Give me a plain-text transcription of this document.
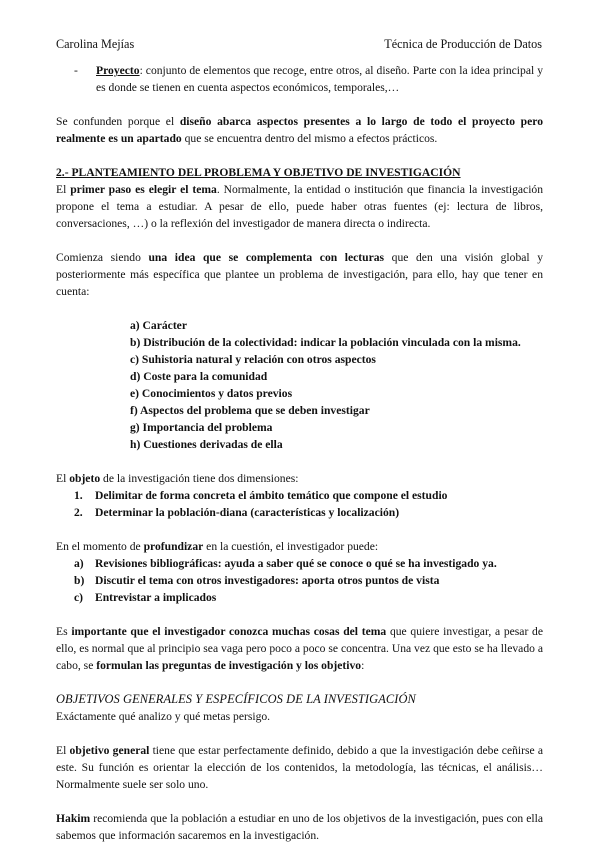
Carolina Mejías	Técnica de Producción de Datos
-	Proyecto: conjunto de elementos que recoge, entre otros, al diseño. Parte con la idea principal y es donde se tienen en cuenta aspectos económicos, temporales,…

Se confunden porque el diseño abarca aspectos presentes a lo largo de todo el proyecto pero realmente es un apartado que se encuentra dentro del mismo a efectos prácticos.

2.- PLANTEAMIENTO DEL PROBLEMA Y OBJETIVO DE INVESTIGACIÓN

El primer paso es elegir el tema. Normalmente, la entidad o institución que financia la investigación propone el tema a estudiar. A pesar de ello, puede haber otras fuentes (ej: lectura de libros, conversaciones, …) o la reflexión del investigador de manera directa o indirecta.

Comienza siendo una idea que se complementa con lecturas que den una visión global y posteriormente más específica que plantee un problema de investigación, para ello, hay que tener en cuenta:

a) Carácter
b) Distribución de la colectividad: indicar la población vinculada con la misma.
c) Suhistoria natural y relación con otros aspectos
d) Coste para la comunidad
e) Conocimientos y datos previos
f) Aspectos del problema que se deben investigar
g) Importancia del problema
h) Cuestiones derivadas de ella

El objeto de la investigación tiene dos dimensiones:

1.	Delimitar de forma concreta el ámbito temático que compone el estudio
2.	Determinar la población-diana (características y localización)

En el momento de profundizar en la cuestión, el investigador puede:

a) Revisiones bibliográficas: ayuda a saber qué se conoce o qué se ha investigado ya.
b) Discutir el tema con otros investigadores: aporta otros puntos de vista
c)	Entrevistar a implicados

Es importante que el investigador conozca muchas cosas del tema que quiere investigar, a pesar de ello, es normal que al principio sea vaga pero poco a poco se concentra. Una vez que esto se ha llevado a cabo, se formulan las preguntas de investigación y los objetivo:

OBJETIVOS GENERALES Y ESPECÍFICOS DE LA INVESTIGACIÓN

Exáctamente qué analizo y qué metas persigo.

El objetivo general tiene que estar perfectamente definido, debido a que la investigación debe ceñirse a este. Su función es orientar la elección de los contenidos, la metodología, las técnicas, el análisis… Normalmente suele ser solo uno.

Hakim recomienda que la población a estudiar en uno de los objetivos de la investigación, pues con ella sabemos que información sacaremos en la investigación.
